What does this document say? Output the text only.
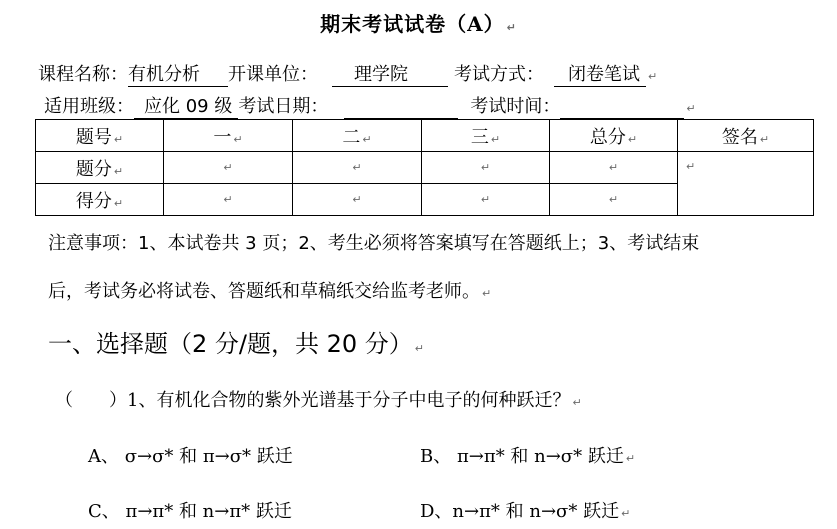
期末考试试卷（A） ↵
课程名称：有机分析 开课单位： 理学院	考试方式： 闭卷笔试 ↵
适用班级： 应化 09 级 考试日期：	考试时间：	↵
题号 ↵	一 ↵	二 ↵	三 ↵	总分 ↵	签名 ↵
题分 ↵	↵	↵	↵	↵	↵
得分 ↵	↵	↵	↵	↵	
注意事项：1、本试卷共 3 页；2、考生必须将答案填写在答题纸上；3、考试结束
后，考试务必将试卷、答题纸和草稿纸交给监考老师。 ↵
一、选择题（2 分/题，共 20 分） ↵
（　　）1、有机化合物的紫外光谱基于分子中电子的何种跃迁？ ↵
A、 σ→σ* 和 π→σ* 跃迁	B、 π→π* 和 n→σ* 跃迁 ↵
C、 π→π* 和 n→π* 跃迁	D、n→π* 和 n→σ* 跃迁 ↵
